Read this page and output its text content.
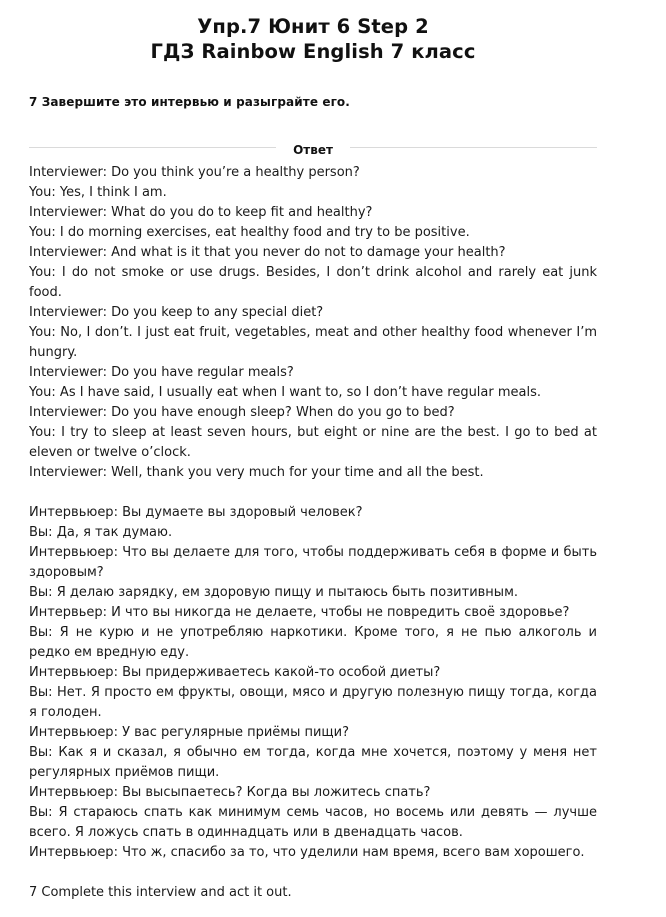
Упр.7 Юнит 6 Step 2
ГДЗ Rainbow English 7 класс
7 Завершите это интервью и разыграйте его.
Ответ

Interviewer: Do you think you’re a healthy person?

You: Yes, I think I am.

Interviewer: What do you do to keep fit and healthy?

You: I do morning exercises, eat healthy food and try to be positive.

Interviewer: And what is it that you never do not to damage your health?

You: I do not smoke or use drugs. Besides, I don’t drink alcohol and rarely eat junk food.

Interviewer: Do you keep to any special diet?

You: No, I don’t. I just eat fruit, vegetables, meat and other healthy food whenever I’m hungry.

Interviewer: Do you have regular meals?

You: As I have said, I usually eat when I want to, so I don’t have regular meals.

Interviewer: Do you have enough sleep? When do you go to bed?

You: I try to sleep at least seven hours, but eight or nine are the best. I go to bed at eleven or twelve o’clock.

Interviewer: Well, thank you very much for your time and all the best.

Интервьюер: Вы думаете вы здоровый человек?

Вы: Да, я так думаю.

Интервьюер: Что вы делаете для того, чтобы поддерживать себя в форме и быть здоровым?

Вы: Я делаю зарядку, ем здоровую пищу и пытаюсь быть позитивным.

Интервьер: И что вы никогда не делаете, чтобы не повредить своё здоровье?

Вы: Я не курю и не употребляю наркотики. Кроме того, я не пью алкоголь и редко ем вредную еду.

Интервьюер: Вы придерживаетесь какой-то особой диеты?

Вы: Нет. Я просто ем фрукты, овощи, мясо и другую полезную пищу тогда, когда я голоден.

Интервьюер: У вас регулярные приёмы пищи?

Вы: Как я и сказал, я обычно ем тогда, когда мне хочется, поэтому у меня нет регулярных приёмов пищи.

Интервьюер: Вы высыпаетесь? Когда вы ложитесь спать?

Вы: Я стараюсь спать как минимум семь часов, но восемь или девять — лучше всего. Я ложусь спать в одиннадцать или в двенадцать часов.

Интервьюер: Что ж, спасибо за то, что уделили нам время, всего вам хорошего.

7 Complete this interview and act it out.
